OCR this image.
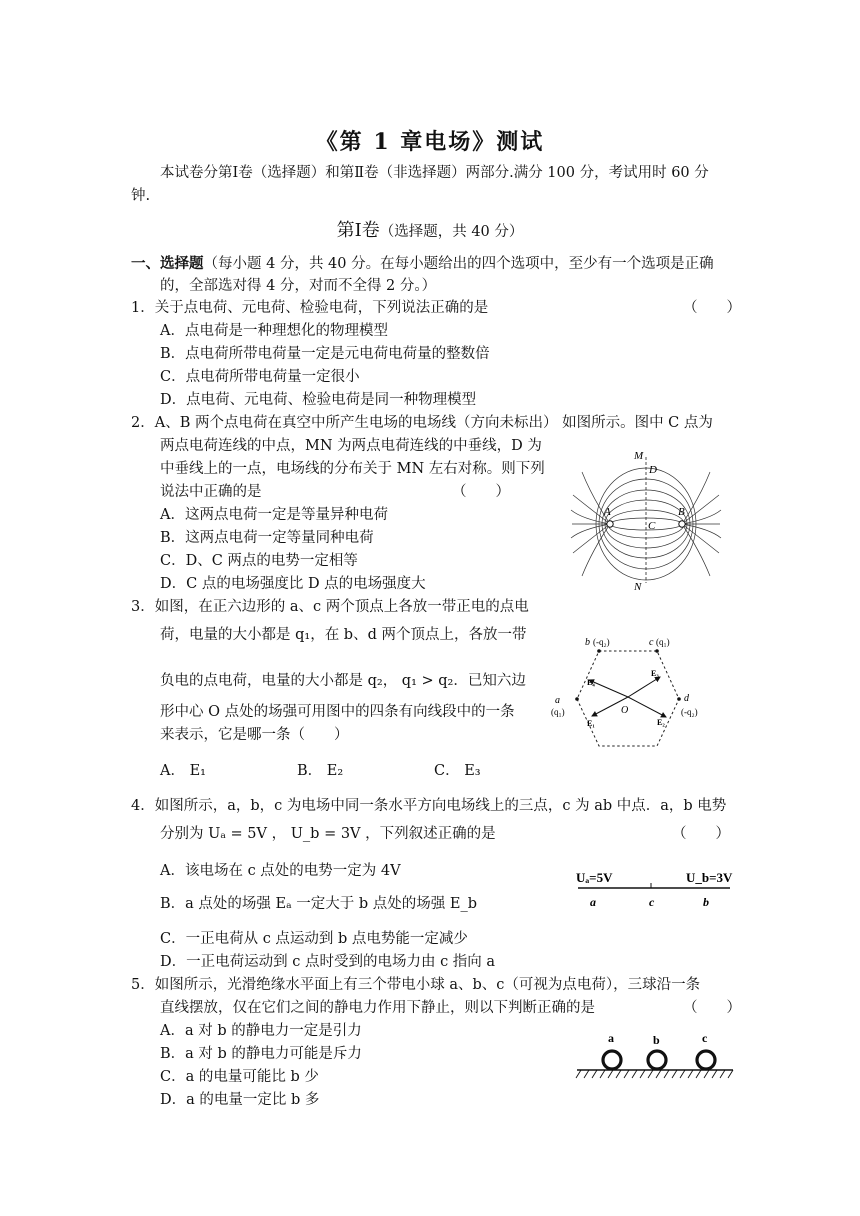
《第 1 章电场》测试
本试卷分第Ⅰ卷（选择题）和第Ⅱ卷（非选择题）两部分.满分 100 分，考试用时 60 分
钟.
第Ⅰ卷（选择题，共 40 分）
一、选择题（每小题 4 分，共 40 分。在每小题给出的四个选项中，至少有一个选项是正确
的，全部选对得 4 分，对而不全得 2 分。）
1．关于点电荷、元电荷、检验电荷，下列说法正确的是	（　　）
A．点电荷是一种理想化的物理模型
B．点电荷所带电荷量一定是元电荷电荷量的整数倍
C．点电荷所带电荷量一定很小
D．点电荷、元电荷、检验电荷是同一种物理模型
2．A、B 两个点电荷在真空中所产生电场的电场线（方向未标出） 如图所示。图中 C 点为
两点电荷连线的中点，MN 为两点电荷连线的中垂线，D 为
中垂线上的一点，电场线的分布关于 MN 左右对称。则下列
说法中正确的是	（　　）
A．这两点电荷一定是等量异种电荷
B．这两点电荷一定等量同种电荷
C．D、C 两点的电势一定相等
D．C 点的电场强度比 D 点的电场强度大
M
D
A	B
C
N
3．如图，在正六边形的 a、c 两个顶点上各放一带正电的点电
荷，电量的大小都是 q₁，在 b、d 两个顶点上，各放一带
负电的点电荷，电量的大小都是 q₂， q₁ > q₂．已知六边
形中心 O 点处的场强可用图中的四条有向线段中的一条
来表示，它是哪一条（　　）
A． E₁	B． E₂	C． E₃
b (-q₂)	c (q₁)
a
(q₁)
d
(-q₂)
O
E₄
E₃
E₁	E₂
4．如图所示，a，b，c 为电场中同一条水平方向电场线上的三点，c 为 ab 中点．a，b 电势
分别为 Uₐ = 5V ， U_b = 3V ，下列叙述正确的是	（　　）
A．该电场在 c 点处的电势一定为 4V
B．a 点处的场强 Eₐ 一定大于 b 点处的场强 E_b
C．一正电荷从 c 点运动到 b 点电势能一定减少
D．一正电荷运动到 c 点时受到的电场力由 c 指向 a
Uₐ=5V	U_b=3V
a	c	b
5．如图所示，光滑绝缘水平面上有三个带电小球 a、b、c（可视为点电荷），三球沿一条
直线摆放，仅在它们之间的静电力作用下静止，则以下判断正确的是	（　　）
A．a 对 b 的静电力一定是引力
B．a 对 b 的静电力可能是斥力
C．a 的电量可能比 b 少
D．a 的电量一定比 b 多
a	b	c
